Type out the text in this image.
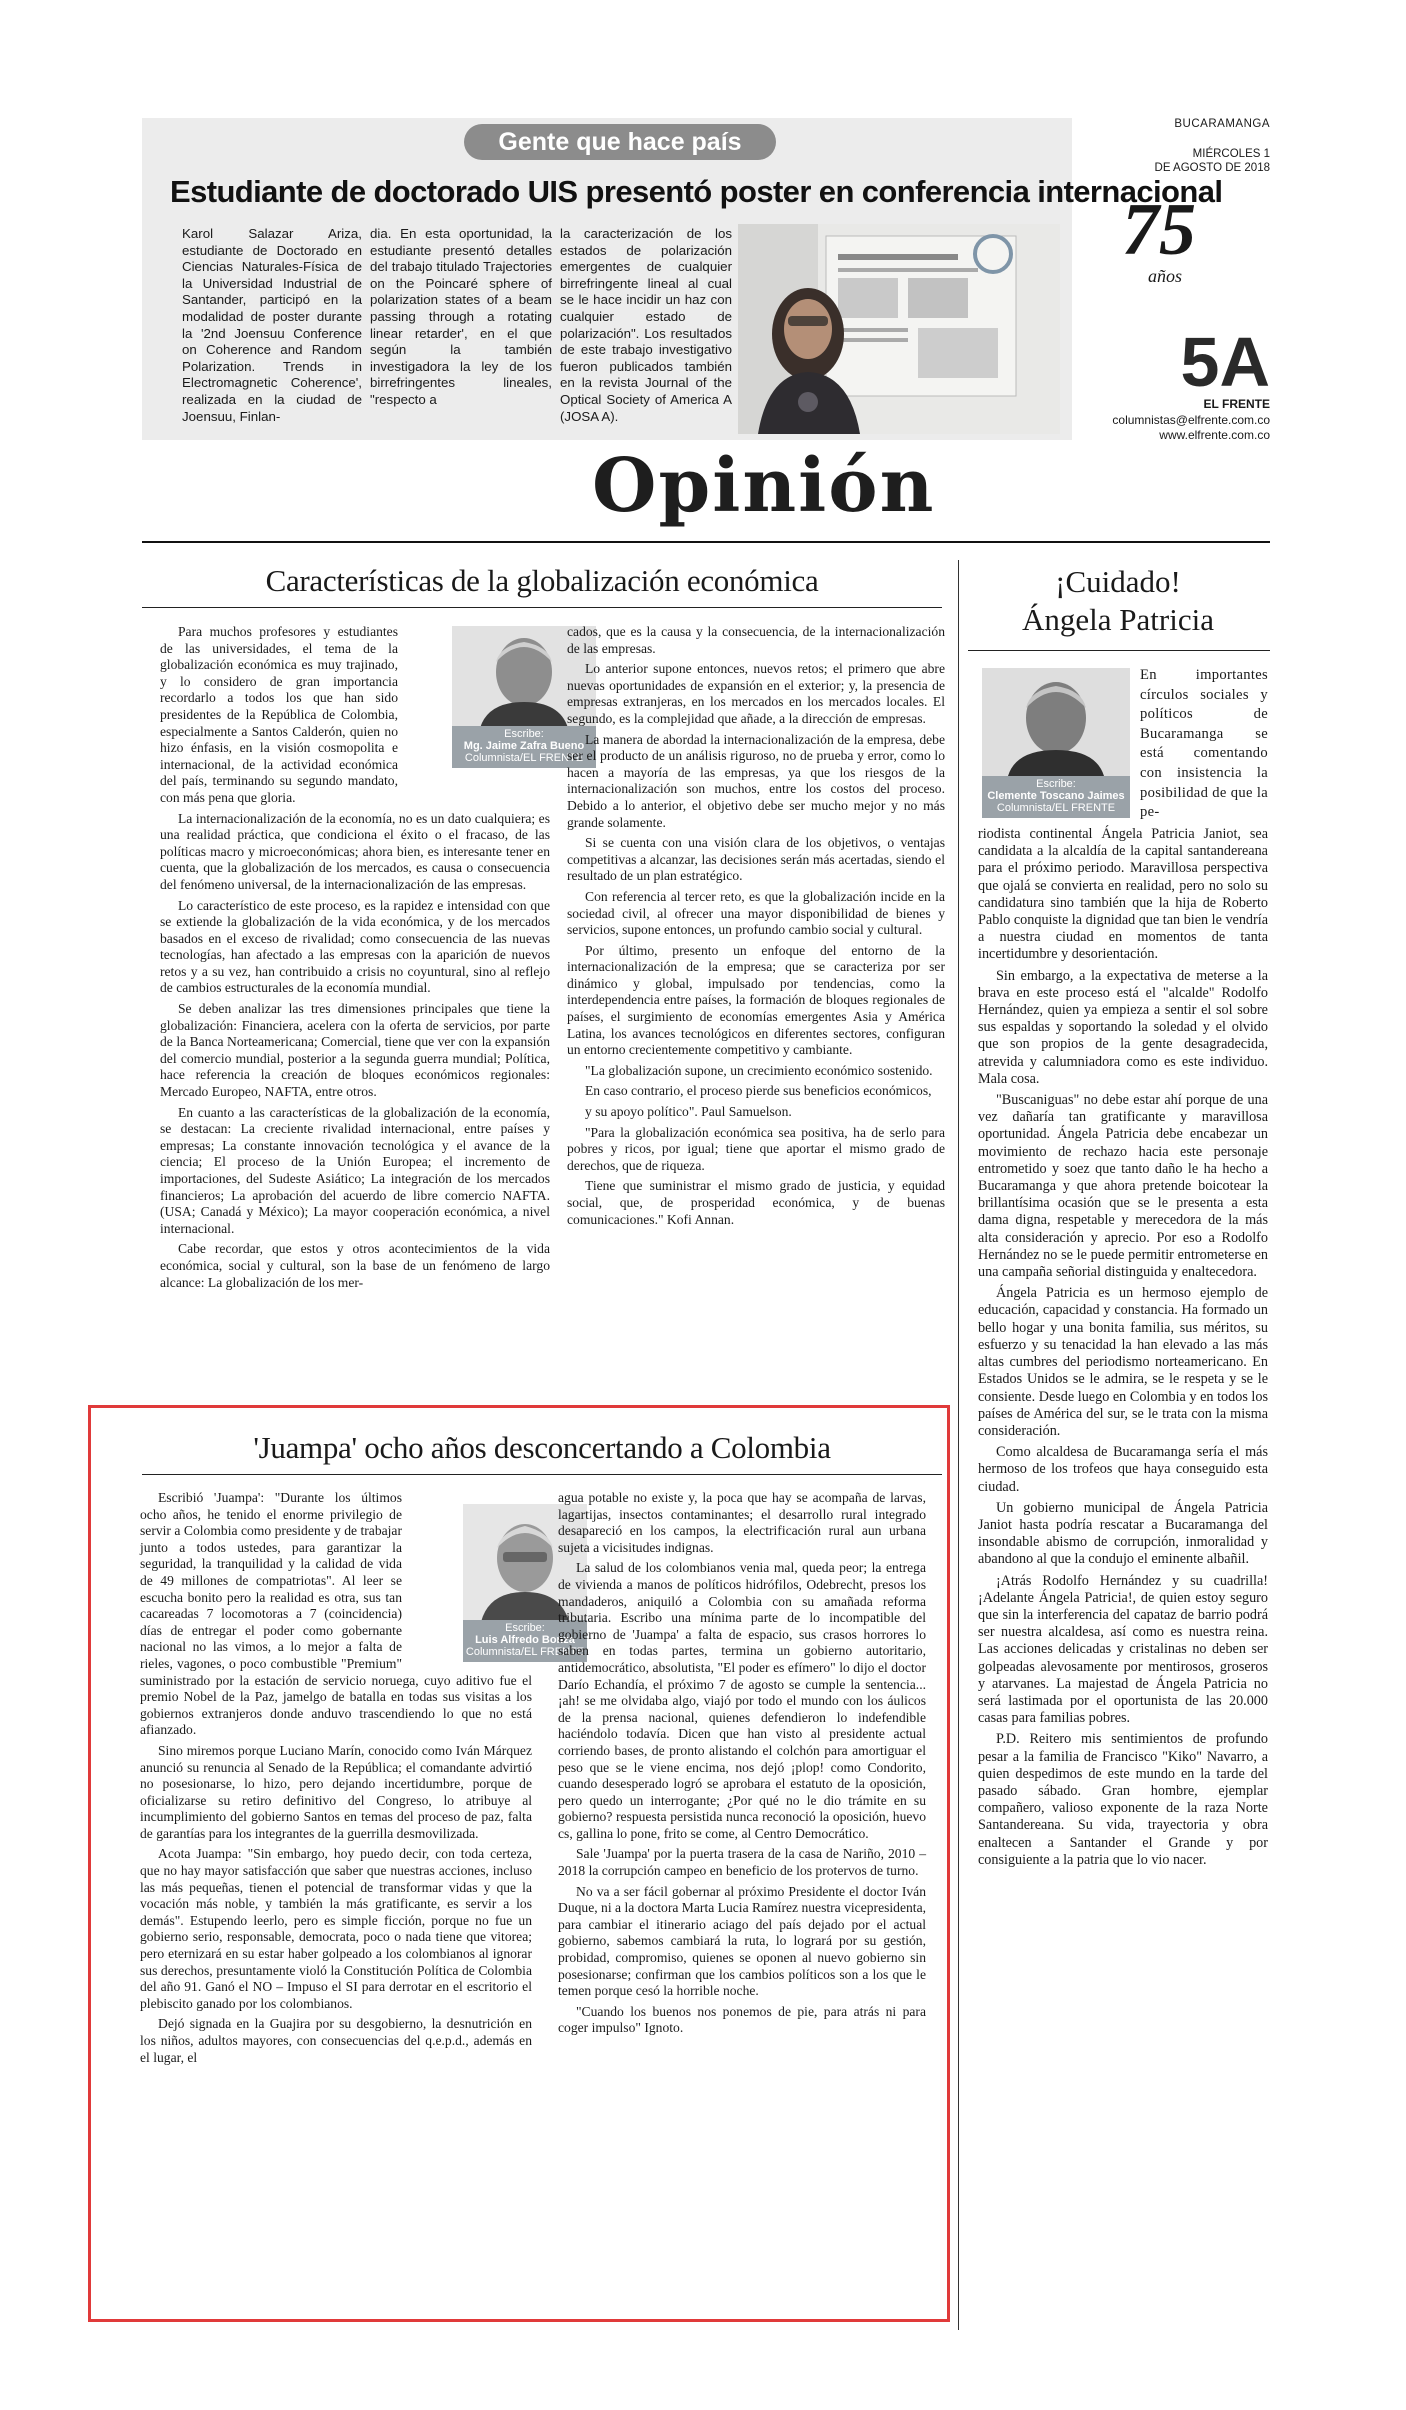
Gente que hace país
Estudiante de doctorado UIS presentó poster en conferencia internacional
Karol Salazar Ariza, estudiante de Doctorado en Ciencias Naturales-Física de la Universidad Industrial de Santander, participó en la modalidad de poster durante la '2nd Joensuu Conference on Coherence and Random Polarization. Trends in Electromagnetic Coherence', realizada en la ciudad de Joensuu, Finlan-
dia. En esta oportunidad, la estudiante presentó detalles del trabajo titulado Trajectories on the Poincaré sphere of polarization states of a beam passing through a rotating linear retarder', en el que según la también investigadora la ley de los birrefringentes lineales, "respecto a
la caracterización de los estados de polarización emergentes de cualquier birrefringente lineal al cual se le hace incidir un haz con cualquier estado de polarización". Los resultados de este trabajo investigativo fueron publicados también en la revista Journal of the Optical Society of America A (JOSA A).
BUCARAMANGA
MIÉRCOLES 1
DE AGOSTO DE 2018
75
años
5A
EL FRENTE
columnistas@elfrente.com.co
www.elfrente.com.co
Opinión
Características de la globalización económica

Para muchos profesores y estudiantes de las universidades, el tema de la globalización económica es muy trajinado, y lo considero de gran importancia recordarlo a todos los que han sido presidentes de la República de Colombia, especialmente a Santos Calderón, quien no hizo énfasis, en la visión cosmopolita e internacional, de la actividad económica del país, terminando su segundo mandato, con más pena que gloria.

La internacionalización de la economía, no es un dato cualquiera; es una realidad práctica, que condiciona el éxito o el fracaso, de las políticas macro y microeconómicas; ahora bien, es interesante tener en cuenta, que la globalización de los mercados, es causa o consecuencia del fenómeno universal, de la internacionalización de las empresas.

Lo característico de este proceso, es la rapidez e intensidad con que se extiende la globalización de la vida económica, y de los mercados basados en el exceso de rivalidad; como consecuencia de las nuevas tecnologías, han afectado a las empresas con la aparición de nuevos retos y a su vez, han contribuido a crisis no coyuntural, sino al reflejo de cambios estructurales de la economía mundial.

Se deben analizar las tres dimensiones principales que tiene la globalización: Financiera, acelera con la oferta de servicios, por parte de la Banca Norteamericana; Comercial, tiene que ver con la expansión del comercio mundial, posterior a la segunda guerra mundial; Política, hace referencia la creación de bloques económicos regionales: Mercado Europeo, NAFTA, entre otros.

En cuanto a las características de la globalización de la economía, se destacan: La creciente rivalidad internacional, entre países y empresas; La constante innovación tecnológica y el avance de la ciencia; El proceso de la Unión Europea; el incremento de importaciones, del Sudeste Asiático; La integración de los mercados financieros; La aprobación del acuerdo de libre comercio NAFTA. (USA; Canadá y México); La mayor cooperación económica, a nivel internacional.

Cabe recordar, que estos y otros acontecimientos de la vida económica, social y cultural, son la base de un fenómeno de largo alcance: La globalización de los mer-

Escribe:
Mg. Jaime Zafra Bueno
Columnista/EL FRENTE

cados, que es la causa y la consecuencia, de la internacionalización de las empresas.

Lo anterior supone entonces, nuevos retos; el primero que abre nuevas oportunidades de expansión en el exterior; y, la presencia de empresas extranjeras, en los mercados en los mercados locales. El segundo, es la complejidad que añade, a la dirección de empresas.

La manera de abordad la internacionalización de la empresa, debe ser el producto de un análisis riguroso, no de prueba y error, como lo hacen a mayoría de las empresas, ya que los riesgos de la internacionalización son muchos, entre los costos del proceso. Debido a lo anterior, el objetivo debe ser mucho mejor y no más grande solamente.

Si se cuenta con una visión clara de los objetivos, o ventajas competitivas a alcanzar, las decisiones serán más acertadas, siendo el resultado de un plan estratégico.

Con referencia al tercer reto, es que la globalización incide en la sociedad civil, al ofrecer una mayor disponibilidad de bienes y servicios, supone entonces, un profundo cambio social y cultural.

Por último, presento un enfoque del entorno de la internacionalización de la empresa; que se caracteriza por ser dinámico y global, impulsado por tendencias, como la interdependencia entre países, la formación de bloques regionales de países, el surgimiento de economías emergentes Asia y América Latina, los avances tecnológicos en diferentes sectores, configuran un entorno crecientemente competitivo y cambiante.

"La globalización supone, un crecimiento económico sostenido.

En caso contrario, el proceso pierde sus beneficios económicos,

y su apoyo político". Paul Samuelson.

"Para la globalización económica sea positiva, ha de serlo para pobres y ricos, por igual; tiene que aportar el mismo grado de derechos, que de riqueza.

Tiene que suministrar el mismo grado de justicia, y equidad social, que, de prosperidad económica, y de buenas comunicaciones." Kofi Annan.

'Juampa' ocho años desconcertando a Colombia

Escribió 'Juampa': "Durante los últimos ocho años, he tenido el enorme privilegio de servir a Colombia como presidente y de trabajar junto a todos ustedes, para garantizar la seguridad, la tranquilidad y la calidad de vida de 49 millones de compatriotas". Al leer se escucha bonito pero la realidad es otra, sus tan cacareadas 7 locomotoras a 7 (coincidencia) días de entregar el poder como gobernante nacional no las vimos, a lo mejor a falta de rieles, vagones, o poco combustible "Premium" suministrado por la estación de servicio noruega, cuyo aditivo fue el premio Nobel de la Paz, jamelgo de batalla en todas sus visitas a los gobiernos extranjeros donde anduvo trascendiendo lo que no está afianzado.

Sino miremos porque Luciano Marín, conocido como Iván Márquez anunció su renuncia al Senado de la República; el comandante advirtió no posesionarse, lo hizo, pero dejando incertidumbre, porque de oficializarse su retiro definitivo del Congreso, lo atribuye al incumplimiento del gobierno Santos en temas del proceso de paz, falta de garantías para los integrantes de la guerrilla desmovilizada.

Acota Juampa: "Sin embargo, hoy puedo decir, con toda certeza, que no hay mayor satisfacción que saber que nuestras acciones, incluso las más pequeñas, tienen el potencial de transformar vidas y que la vocación más noble, y también la más gratificante, es servir a los demás". Estupendo leerlo, pero es simple ficción, porque no fue un gobierno serio, responsable, democrata, poco o nada tiene que vitorea; pero eternizará en su estar haber golpeado a los colombianos al ignorar sus derechos, presuntamente violó la Constitución Política de Colombia del año 91. Ganó el NO – Impuso el SI para derrotar en el escritorio el plebiscito ganado por los colombianos.

Dejó signada en la Guajira por su desgobierno, la desnutrición en los niños, adultos mayores, con consecuencias del q.e.p.d., además en el lugar, el

Escribe:
Luis Alfredo Bonza
Columnista/EL FRENTE

agua potable no existe y, la poca que hay se acompaña de larvas, lagartijas, insectos contaminantes; el desarrollo rural integrado desapareció en los campos, la electrificación rural aun urbana sujeta a vicisitudes indignas.

La salud de los colombianos venia mal, queda peor; la entrega de vivienda a manos de políticos hidrófilos, Odebrecht, presos los mandaderos, aniquiló a Colombia con su amañada reforma tributaria. Escribo una mínima parte de lo incompatible del gobierno de 'Juampa' a falta de espacio, sus crasos horrores lo saben en todas partes, termina un gobierno autoritario, antidemocrático, absolutista, "El poder es efímero" lo dijo el doctor Darío Echandía, el próximo 7 de agosto se cumple la sentencia... ¡ah! se me olvidaba algo, viajó por todo el mundo con los áulicos de la prensa nacional, quienes defendieron lo indefendible haciéndolo todavía. Dicen que han visto al presidente actual corriendo bases, de pronto alistando el colchón para amortiguar el peso que se le viene encima, nos dejó ¡plop! como Condorito, cuando desesperado logró se aprobara el estatuto de la oposición, pero quedo un interrogante; ¿Por qué no le dio trámite en su gobierno? respuesta persistida nunca reconoció la oposición, huevo cs, gallina lo pone, frito se come, al Centro Democrático.

Sale 'Juampa' por la puerta trasera de la casa de Nariño, 2010 – 2018 la corrupción campeo en beneficio de los protervos de turno.

No va a ser fácil gobernar al próximo Presidente el doctor Iván Duque, ni a la doctora Marta Lucia Ramírez nuestra vicepresidenta, para cambiar el itinerario aciago del país dejado por el actual gobierno, sabemos cambiará la ruta, lo logrará por su gestión, probidad, compromiso, quienes se oponen al nuevo gobierno sin posesionarse; confirman que los cambios políticos son a los que le temen porque cesó la horrible noche.

"Cuando los buenos nos ponemos de pie, para atrás ni para coger impulso" Ignoto.

¡Cuidado!
Ángela Patricia
Escribe:
Clemente Toscano Jaimes
Columnista/EL FRENTE
En importantes círculos sociales y políticos de Bucaramanga se está comentando con insistencia la posibilidad de que la pe-

riodista continental Ángela Patricia Janiot, sea candidata a la alcaldía de la capital santandereana para el próximo periodo. Maravillosa perspectiva que ojalá se convierta en realidad, pero no solo su candidatura sino también que la hija de Roberto Pablo conquiste la dignidad que tan bien le vendría a nuestra ciudad en momentos de tanta incertidumbre y desorientación.

Sin embargo, a la expectativa de meterse a la brava en este proceso está el "alcalde" Rodolfo Hernández, quien ya empieza a sentir el sol sobre sus espaldas y soportando la soledad y el olvido que son propios de la gente desagradecida, atrevida y calumniadora como es este individuo. Mala cosa.

"Buscaniguas" no debe estar ahí porque de una vez dañaría tan gratificante y maravillosa oportunidad. Ángela Patricia debe encabezar un movimiento de rechazo hacia este personaje entrometido y soez que tanto daño le ha hecho a Bucaramanga y que ahora pretende boicotear la brillantísima ocasión que se le presenta a esta dama digna, respetable y merecedora de la más alta consideración y aprecio. Por eso a Rodolfo Hernández no se le puede permitir entrometerse en una campaña señorial distinguida y enaltecedora.

Ángela Patricia es un hermoso ejemplo de educación, capacidad y constancia. Ha formado un bello hogar y una bonita familia, sus méritos, su esfuerzo y su tenacidad la han elevado a las más altas cumbres del periodismo norteamericano. En Estados Unidos se le admira, se le respeta y se le consiente. Desde luego en Colombia y en todos los países de América del sur, se le trata con la misma consideración.

Como alcaldesa de Bucaramanga sería el más hermoso de los trofeos que haya conseguido esta ciudad.

Un gobierno municipal de Ángela Patricia Janiot hasta podría rescatar a Bucaramanga del insondable abismo de corrupción, inmoralidad y abandono al que la condujo el eminente albañil.

¡Atrás Rodolfo Hernández y su cuadrilla! ¡Adelante Ángela Patricia!, de quien estoy seguro que sin la interferencia del capataz de barrio podrá ser nuestra alcaldesa, así como es nuestra reina. Las acciones delicadas y cristalinas no deben ser golpeadas alevosamente por mentirosos, groseros y atarvanes. La majestad de Ángela Patricia no será lastimada por el oportunista de las 20.000 casas para familias pobres.

P.D. Reitero mis sentimientos de profundo pesar a la familia de Francisco "Kiko" Navarro, a quien despedimos de este mundo en la tarde del pasado sábado. Gran hombre, ejemplar compañero, valioso exponente de la raza Norte Santandereana. Su vida, trayectoria y obra enaltecen a Santander el Grande y por consiguiente a la patria que lo vio nacer.
